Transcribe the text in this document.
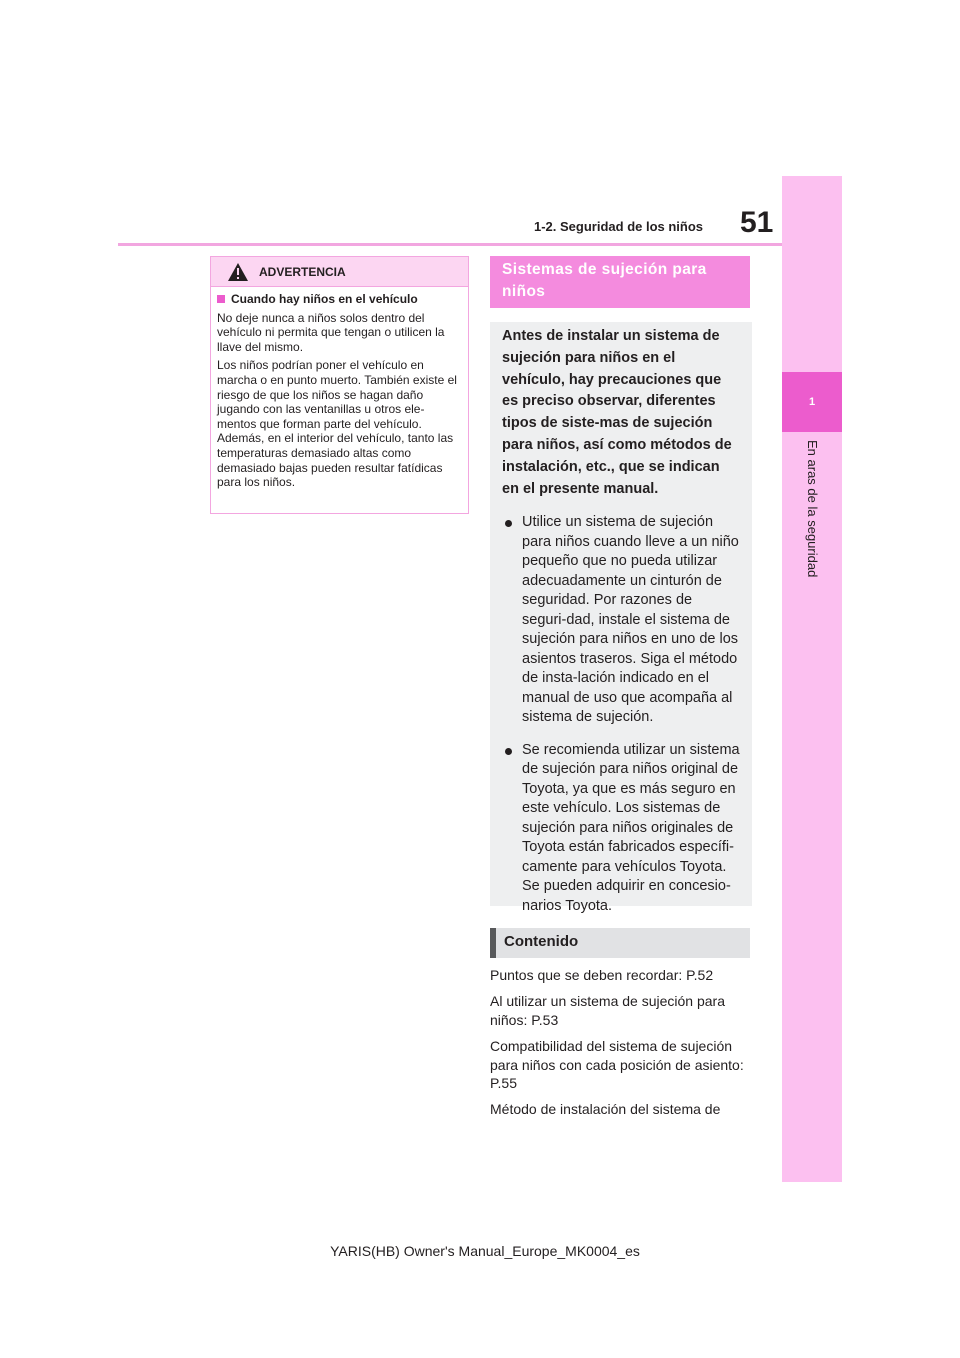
1
En aras de la seguridad
51
1-2. Seguridad de los niños
ADVERTENCIA

Cuando hay niños en el vehículo

No deje nunca a niños solos dentro del vehículo ni permita que tengan o utilicen la llave del mismo.

Los niños podrían poner el vehículo en marcha o en punto muerto. También existe el riesgo de que los niños se hagan daño jugando con las ventanillas u otros ele-mentos que forman parte del vehículo. Además, en el interior del vehículo, tanto las temperaturas demasiado altas como demasiado bajas pueden resultar fatídicas para los niños.

Sistemas de sujeción para niños

Antes de instalar un sistema de sujeción para niños en el vehículo, hay precauciones que es preciso observar, diferentes tipos de siste-mas de sujeción para niños, así como métodos de instalación, etc., que se indican en el presente manual.

Utilice un sistema de sujeción para niños cuando lleve a un niño pequeño que no pueda utilizar adecuadamente un cinturón de seguridad. Por razones de seguri-dad, instale el sistema de sujeción para niños en uno de los asientos traseros. Siga el método de insta-lación indicado en el manual de uso que acompaña al sistema de sujeción.
Se recomienda utilizar un sistema de sujeción para niños original de Toyota, ya que es más seguro en este vehículo. Los sistemas de sujeción para niños originales de Toyota están fabricados específi-camente para vehículos Toyota. Se pueden adquirir en concesio-narios Toyota.
Contenido

Puntos que se deben recordar: P.52

Al utilizar un sistema de sujeción para niños: P.53

Compatibilidad del sistema de sujeción para niños con cada posición de asiento: P.55

Método de instalación del sistema de

YARIS(HB) Owner's Manual_Europe_MK0004_es
